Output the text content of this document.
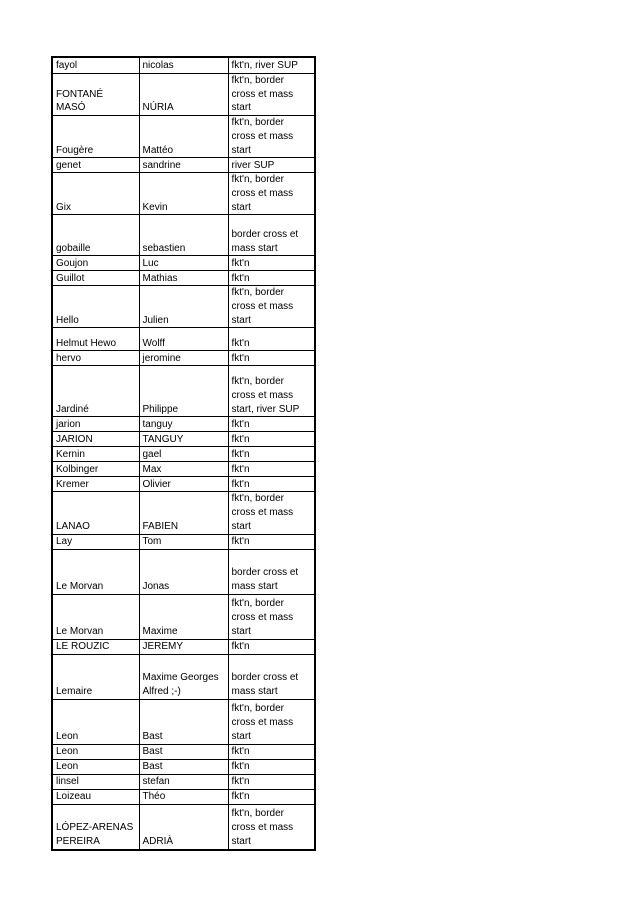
fayol	nicolas	fkt'n, river SUP

FONTANÉ
MASÓ	NÚRIA	fkt'n, border
cross et mass
start

Fougère	Mattéo	fkt'n, border
cross et mass
start

genet	sandrine	river SUP

Gix	Kevin	fkt'n, border
cross et mass
start

gobaille	sebastien	border cross et
mass start

Goujon	Luc	fkt'n

Guillot	Mathias	fkt'n

Hello	Julien	fkt'n, border
cross et mass
start

Helmut Hewo	Wolff	fkt'n

hervo	jeromine	fkt'n

Jardiné	Philippe	fkt'n, border
cross et mass
start, river SUP

jarion	tanguy	fkt'n

JARION	TANGUY	fkt'n

Kernin	gael	fkt'n

Kolbinger	Max	fkt'n

Kremer	Olivier	fkt'n

LANAO	FABIEN	fkt'n, border
cross et mass
start

Lay	Tom	fkt'n

Le Morvan	Jonas	border cross et
mass start

Le Morvan	Maxime	fkt'n, border
cross et mass
start

LE ROUZIC	JEREMY	fkt'n

Lemaire	Maxime Georges
Alfred ;-)	border cross et
mass start

Leon	Bast	fkt'n, border
cross et mass
start

Leon	Bast	fkt'n

Leon	Bast	fkt'n

linsel	stefan	fkt'n

Loizeau	Théo	fkt'n

LÓPEZ-ARENAS
PEREIRA	ADRIÀ	fkt'n, border
cross et mass
start
